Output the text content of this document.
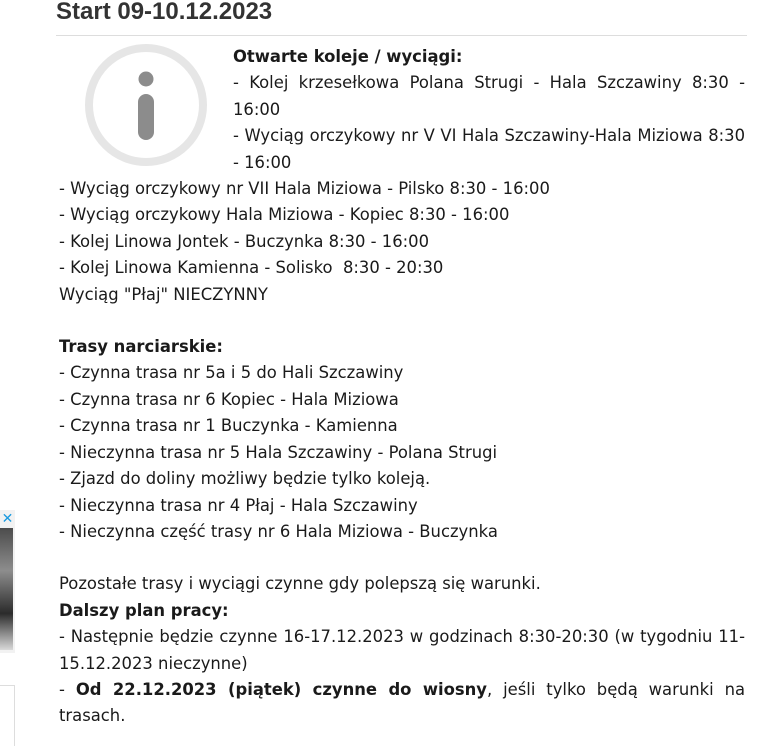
Start 09-10.12.2023

Otwarte koleje / wyciągi:

- Kolej krzesełkowa Polana Strugi - Hala Szczawiny 8:30 - 16:00

- Wyciąg orczykowy nr V VI Hala Szczawiny-Hala Miziowa 8:30 - 16:00

- Wyciąg orczykowy nr VII Hala Miziowa - Pilsko 8:30 - 16:00

- Wyciąg orczykowy Hala Miziowa - Kopiec 8:30 - 16:00

- Kolej Linowa Jontek - Buczynka 8:30 - 16:00

- Kolej Linowa Kamienna - Solisko  8:30 - 20:30

Wyciąg "Płaj" NIECZYNNY

Trasy narciarskie:

- Czynna trasa nr 5a i 5 do Hali Szczawiny

- Czynna trasa nr 6 Kopiec - Hala Miziowa

- Czynna trasa nr 1 Buczynka - Kamienna

- Nieczynna trasa nr 5 Hala Szczawiny - Polana Strugi

- Zjazd do doliny możliwy będzie tylko koleją.

- Nieczynna trasa nr 4 Płaj - Hala Szczawiny

- Nieczynna część trasy nr 6 Hala Miziowa - Buczynka

Pozostałe trasy i wyciągi czynne gdy polepszą się warunki.

Dalszy plan pracy:

- Następnie będzie czynne 16-17.12.2023 w godzinach 8:30-20:30 (w tygodniu 11-15.12.2023 nieczynne)

- Od 22.12.2023 (piątek) czynne do wiosny, jeśli tylko będą warunki na trasach.

✕
